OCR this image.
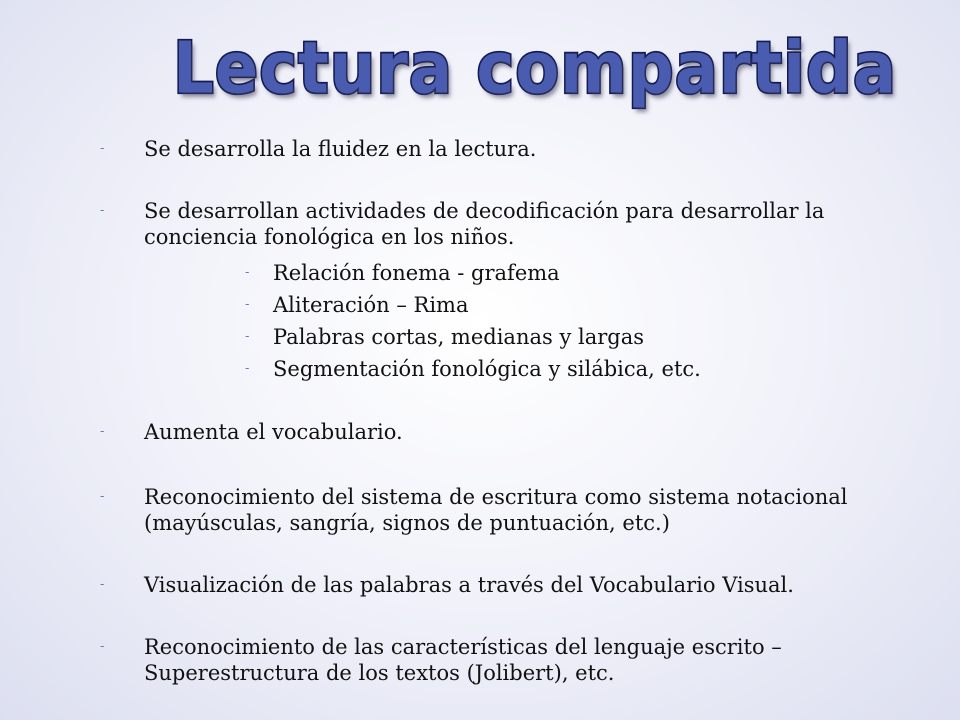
Lectura compartida
- Se desarrolla la fluidez en la lectura.
- Se desarrollan actividades de decodificación para desarrollar la conciencia fonológica en los niños.
- Relación fonema - grafema
- Aliteración – Rima
- Palabras cortas, medianas y largas
- Segmentación fonológica y silábica, etc.
- Aumenta el vocabulario.
- Reconocimiento del sistema de escritura como sistema notacional (mayúsculas, sangría, signos de puntuación, etc.)
- Visualización de las palabras a través del Vocabulario Visual.
- Reconocimiento de las características del lenguaje escrito – Superestructura de los textos (Jolibert), etc.
